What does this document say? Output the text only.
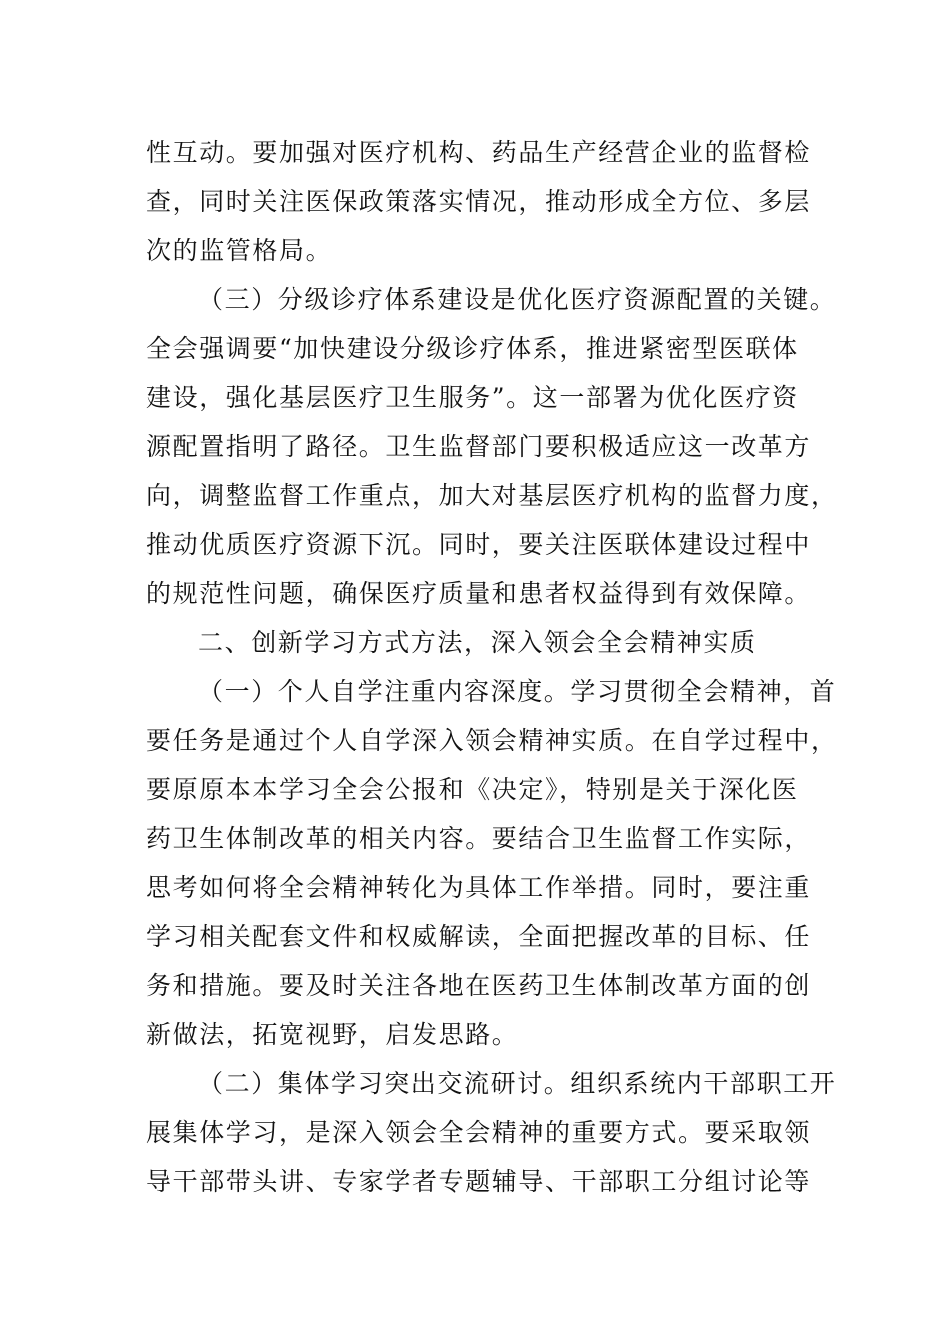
性互动。要加强对医疗机构、药品生产经营企业的监督检
查，同时关注医保政策落实情况，推动形成全方位、多层
次的监管格局。
（三）分级诊疗体系建设是优化医疗资源配置的关键。
全会强调要“加快建设分级诊疗体系，推进紧密型医联体
建设，强化基层医疗卫生服务”。这一部署为优化医疗资
源配置指明了路径。卫生监督部门要积极适应这一改革方
向，调整监督工作重点，加大对基层医疗机构的监督力度，
推动优质医疗资源下沉。同时，要关注医联体建设过程中
的规范性问题，确保医疗质量和患者权益得到有效保障。
二、创新学习方式方法，深入领会全会精神实质
（一）个人自学注重内容深度。学习贯彻全会精神，首
要任务是通过个人自学深入领会精神实质。在自学过程中，
要原原本本学习全会公报和《决定》，特别是关于深化医
药卫生体制改革的相关内容。要结合卫生监督工作实际，
思考如何将全会精神转化为具体工作举措。同时，要注重
学习相关配套文件和权威解读，全面把握改革的目标、任
务和措施。要及时关注各地在医药卫生体制改革方面的创
新做法，拓宽视野，启发思路。
（二）集体学习突出交流研讨。组织系统内干部职工开
展集体学习，是深入领会全会精神的重要方式。要采取领
导干部带头讲、专家学者专题辅导、干部职工分组讨论等
